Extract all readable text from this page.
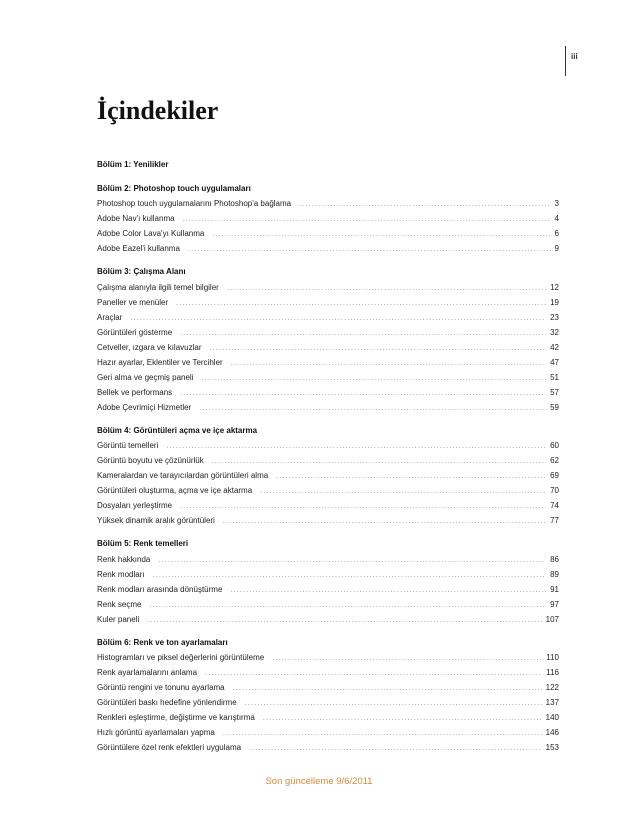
iii
İçindekiler
Bölüm 1: Yenilikler
Bölüm 2: Photoshop touch uygulamaları
Photoshop touch uygulamalarını Photoshop'a bağlama .....	3
Adobe Nav'ı kullanma .....	4
Adobe Color Lava'yı Kullanma .....	6
Adobe Eazel'i kullanma .....	9
Bölüm 3: Çalışma Alanı
Çalışma alanıyla ilgili temel bilgiler .....	12
Paneller ve menüler .....	19
Araçlar .....	23
Görüntüleri gösterme .....	32
Cetveller, ızgara ve kılavuzlar .....	42
Hazır ayarlar, Eklentiler ve Tercihler .....	47
Geri alma ve geçmiş paneli .....	51
Bellek ve performans .....	57
Adobe Çevrimiçi Hizmetler .....	59
Bölüm 4: Görüntüleri açma ve içe aktarma
Görüntü temelleri .....	60
Görüntü boyutu ve çözünürlük .....	62
Kameralardan ve tarayıcılardan görüntüleri alma .....	69
Görüntüleri oluşturma, açma ve içe aktarma .....	70
Dosyaları yerleştirme .....	74
Yüksek dinamik aralık görüntüleri .....	77
Bölüm 5: Renk temelleri
Renk hakkında .....	86
Renk modları .....	89
Renk modları arasında dönüştürme .....	91
Renk seçme .....	97
Kuler paneli .....	107
Bölüm 6: Renk ve ton ayarlamaları
Histogramları ve piksel değerlerini görüntüleme .....	110
Renk ayarlamalarını anlama .....	116
Görüntü rengini ve tonunu ayarlama .....	122
Görüntüleri baskı hedefine yönlendirme .....	137
Renkleri eşleştirme, değiştirme ve karıştırma .....	140
Hızlı görüntü ayarlamaları yapma .....	146
Görüntülere özel renk efektleri uygulama .....	153
Son güncelleme 9/6/2011
